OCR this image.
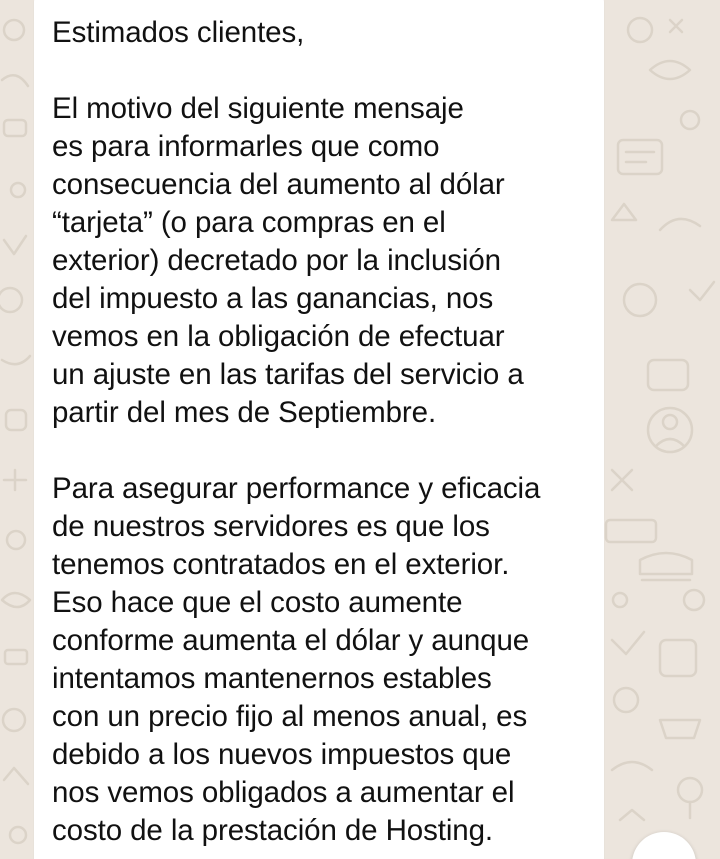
Estimados clientes,
El motivo del siguiente mensaje
es para informarles que como
consecuencia del aumento al dólar
“tarjeta” (o para compras en el
exterior) decretado por la inclusión
del impuesto a las ganancias, nos
vemos en la obligación de efectuar
un ajuste en las tarifas del servicio a
partir del mes de Septiembre.
Para asegurar performance y eficacia
de nuestros servidores es que los
tenemos contratados en el exterior.
Eso hace que el costo aumente
conforme aumenta el dólar y aunque
intentamos mantenernos estables
con un precio fijo al menos anual, es
debido a los nuevos impuestos que
nos vemos obligados a aumentar el
costo de la prestación de Hosting.
